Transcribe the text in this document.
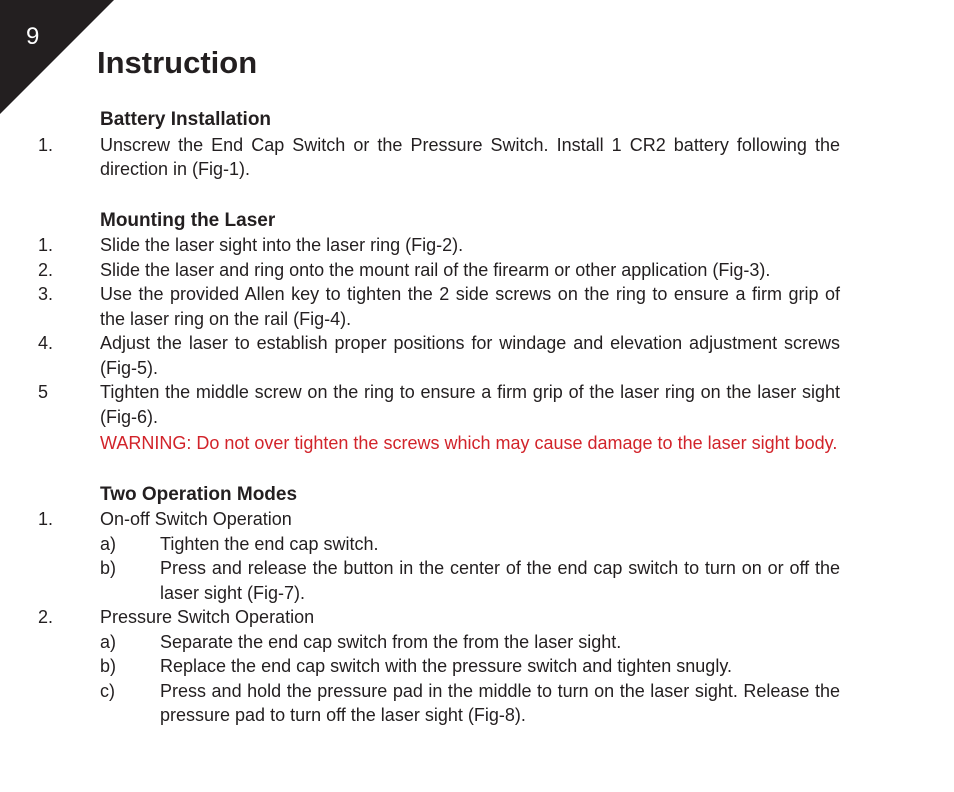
9
Instruction
Battery Installation
1.	Unscrew the End Cap Switch or the Pressure Switch. Install 1 CR2 battery following the direction in (Fig-1).
Mounting the Laser
1.	Slide the laser sight into the laser ring (Fig-2).
2.	Slide the laser and ring onto the mount rail of the firearm or other application (Fig-3).
3.	Use the provided Allen key to tighten the 2 side screws on the ring to ensure a firm grip of the laser ring on the rail (Fig-4).
4.	Adjust the laser to establish proper positions for windage and elevation adjustment screws (Fig-5).
5	Tighten the middle screw on the ring to ensure a firm grip of the laser ring on the laser sight (Fig-6).
WARNING: Do not over tighten the screws which may cause damage to the laser sight body.
Two Operation Modes
1.	On-off Switch Operation
a)	Tighten the end cap switch.
b)	Press and release the button in the center of the end cap switch to turn on or off the laser sight (Fig-7).
2.	Pressure Switch Operation
a)	Separate the end cap switch from the from the laser sight.
b)	Replace the end cap switch with the pressure switch and tighten snugly.
c)	Press and hold the pressure pad in the middle to turn on the laser sight. Release the pressure pad to turn off the laser sight (Fig-8).
